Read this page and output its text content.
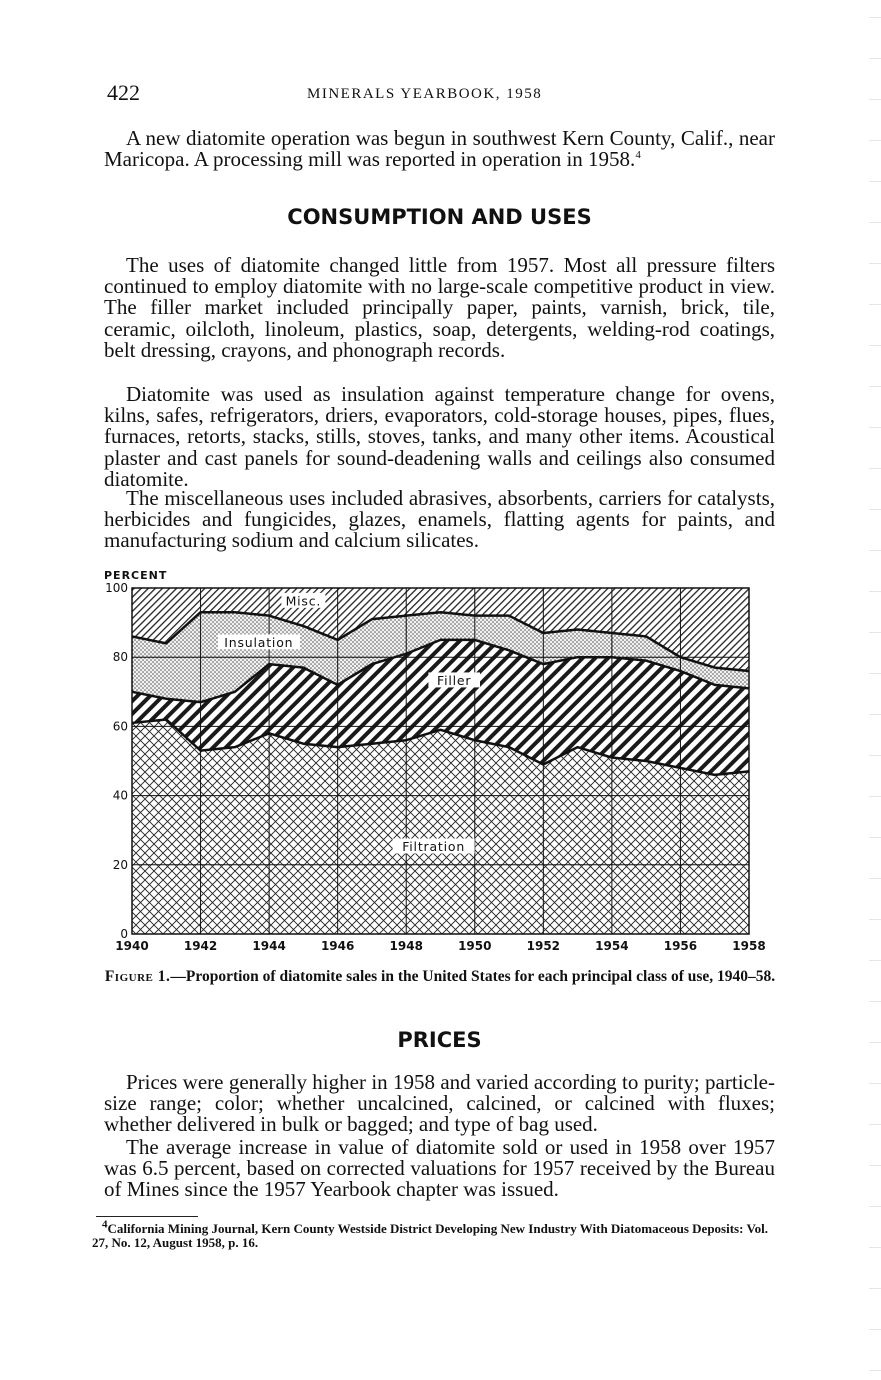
422	MINERALS YEARBOOK, 1958

A new diatomite operation was begun in southwest Kern County, Calif., near Maricopa. A processing mill was reported in operation in 1958.$^4$

CONSUMPTION AND USES

The uses of diatomite changed little from 1957. Most all pressure filters continued to employ diatomite with no large-scale competitive product in view. The filler market included principally paper, paints, varnish, brick, tile, ceramic, oilcloth, linoleum, plastics, soap, detergents, welding-rod coatings, belt dressing, crayons, and phonograph records.

Diatomite was used as insulation against temperature change for ovens, kilns, safes, refrigerators, driers, evaporators, cold-storage houses, pipes, flues, furnaces, retorts, stacks, stills, stoves, tanks, and many other items. Acoustical plaster and cast panels for sound-deadening walls and ceilings also consumed diatomite.

The miscellaneous uses included abrasives, absorbents, carriers for catalysts, herbicides and fungicides, glazes, enamels, flatting agents for paints, and manufacturing sodium and calcium silicates.

PERCENT
0
20
40
60
80
100
1940	1942	1944	1946	1948	1950	1952	1954	1956	1958
Filtration
Filler
Insulation
Misc.

Figure 1.—Proportion of diatomite sales in the United States for each principal class of use, 1940–58.

PRICES

Prices were generally higher in 1958 and varied according to purity; particle-size range; color; whether uncalcined, calcined, or calcined with fluxes; whether delivered in bulk or bagged; and type of bag used.

The average increase in value of diatomite sold or used in 1958 over 1957 was 6.5 percent, based on corrected valuations for 1957 received by the Bureau of Mines since the 1957 Yearbook chapter was issued.

$^4$California Mining Journal, Kern County Westside District Developing New Industry With Diatomaceous Deposits: Vol. 27, No. 12, August 1958, p. 16.
